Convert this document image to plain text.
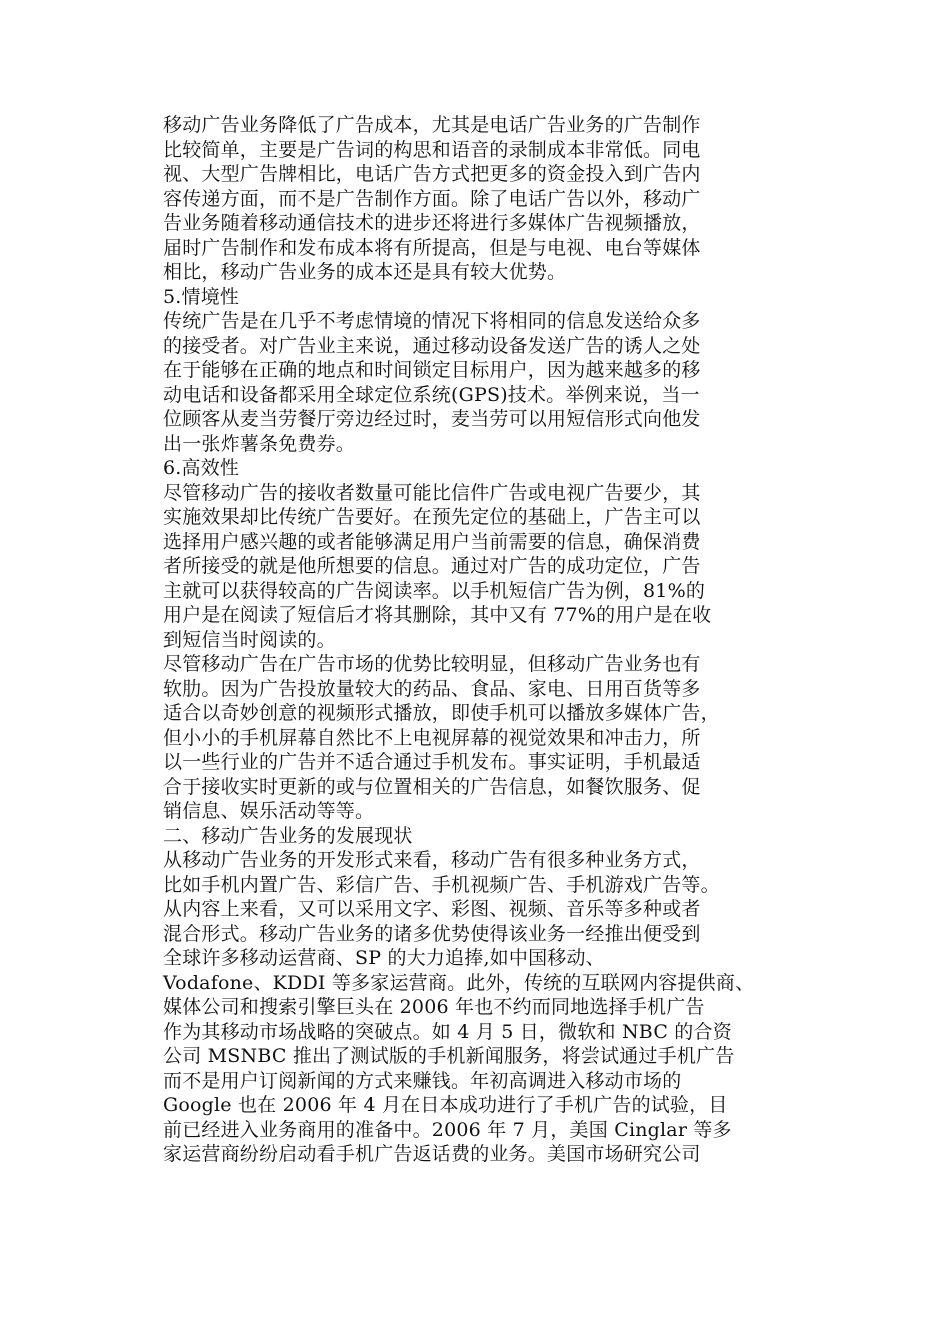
移动广告业务降低了广告成本，尤其是电话广告业务的广告制作
比较简单，主要是广告词的构思和语音的录制成本非常低。同电
视、大型广告牌相比，电话广告方式把更多的资金投入到广告内
容传递方面，而不是广告制作方面。除了电话广告以外，移动广
告业务随着移动通信技术的进步还将进行多媒体广告视频播放，
届时广告制作和发布成本将有所提高，但是与电视、电台等媒体
相比，移动广告业务的成本还是具有较大优势。
5.情境性
传统广告是在几乎不考虑情境的情况下将相同的信息发送给众多
的接受者。对广告业主来说，通过移动设备发送广告的诱人之处
在于能够在正确的地点和时间锁定目标用户，因为越来越多的移
动电话和设备都采用全球定位系统(GPS)技术。举例来说，当一
位顾客从麦当劳餐厅旁边经过时，麦当劳可以用短信形式向他发
出一张炸薯条免费券。
6.高效性
尽管移动广告的接收者数量可能比信件广告或电视广告要少，其
实施效果却比传统广告要好。在预先定位的基础上，广告主可以
选择用户感兴趣的或者能够满足用户当前需要的信息，确保消费
者所接受的就是他所想要的信息。通过对广告的成功定位，广告
主就可以获得较高的广告阅读率。以手机短信广告为例，81%的
用户是在阅读了短信后才将其删除，其中又有 77%的用户是在收
到短信当时阅读的。
尽管移动广告在广告市场的优势比较明显，但移动广告业务也有
软肋。因为广告投放量较大的药品、食品、家电、日用百货等多
适合以奇妙创意的视频形式播放，即使手机可以播放多媒体广告，
但小小的手机屏幕自然比不上电视屏幕的视觉效果和冲击力，所
以一些行业的广告并不适合通过手机发布。事实证明，手机最适
合于接收实时更新的或与位置相关的广告信息，如餐饮服务、促
销信息、娱乐活动等等。
二、移动广告业务的发展现状
从移动广告业务的开发形式来看，移动广告有很多种业务方式，
比如手机内置广告、彩信广告、手机视频广告、手机游戏广告等。
从内容上来看，又可以采用文字、彩图、视频、音乐等多种或者
混合形式。移动广告业务的诸多优势使得该业务一经推出便受到
全球许多移动运营商、SP 的大力追捧,如中国移动、
Vodafone、KDDI 等多家运营商。此外，传统的互联网内容提供商、
媒体公司和搜索引擎巨头在 2006 年也不约而同地选择手机广告
作为其移动市场战略的突破点。如 4 月 5 日，微软和 NBC 的合资
公司 MSNBC 推出了测试版的手机新闻服务，将尝试通过手机广告
而不是用户订阅新闻的方式来赚钱。年初高调进入移动市场的
Google 也在 2006 年 4 月在日本成功进行了手机广告的试验，目
前已经进入业务商用的准备中。2006 年 7 月，美国 Cinglar 等多
家运营商纷纷启动看手机广告返话费的业务。美国市场研究公司
